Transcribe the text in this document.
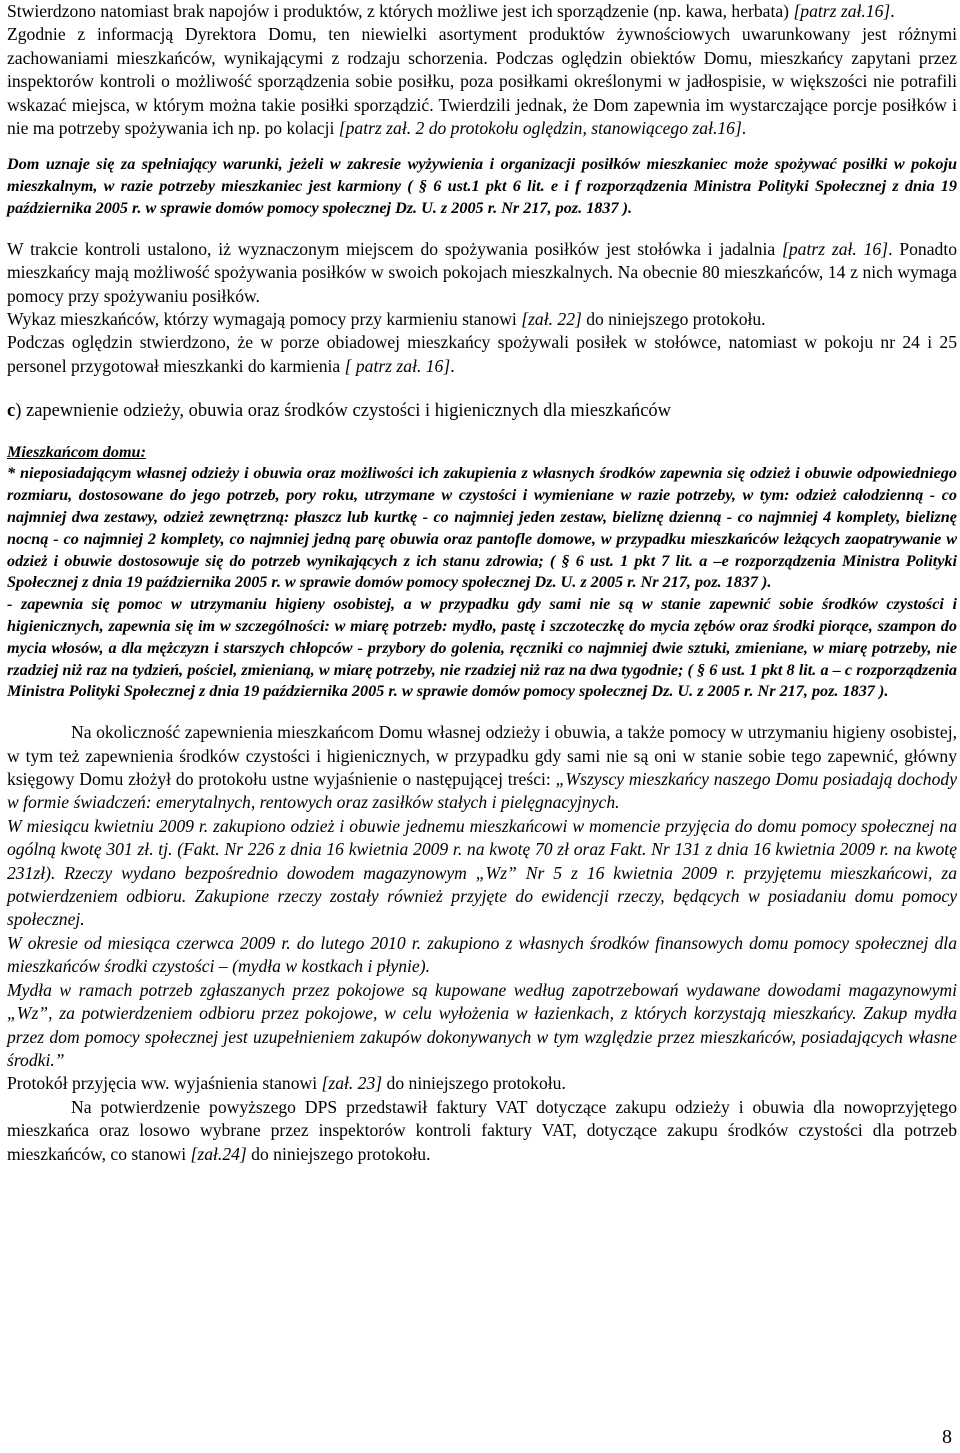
Stwierdzono natomiast brak napojów i produktów, z których możliwe jest ich sporządzenie (np. kawa, herbata) [patrz zał.16].

Zgodnie z informacją Dyrektora Domu, ten niewielki asortyment produktów żywnościowych uwarunkowany jest różnymi zachowaniami mieszkańców, wynikającymi z rodzaju schorzenia. Podczas oględzin obiektów Domu, mieszkańcy zapytani przez inspektorów kontroli o możliwość sporządzenia sobie posiłku, poza posiłkami określonymi w jadłospisie, w większości nie potrafili wskazać miejsca, w którym można takie posiłki sporządzić. Twierdzili jednak, że Dom zapewnia im wystarczające porcje posiłków i nie ma potrzeby spożywania ich np. po kolacji [patrz zał. 2 do protokołu oględzin, stanowiącego zał.16].

Dom uznaje się za spełniający warunki, jeżeli w zakresie wyżywienia i organizacji posiłków mieszkaniec może spożywać posiłki w pokoju mieszkalnym, w razie potrzeby mieszkaniec jest karmiony ( § 6 ust.1 pkt 6 lit. e i f rozporządzenia Ministra Polityki Społecznej z dnia 19 października 2005 r. w sprawie domów pomocy społecznej Dz. U. z 2005 r. Nr 217, poz. 1837 ).

W trakcie kontroli ustalono, iż wyznaczonym miejscem do spożywania posiłków jest stołówka i jadalnia [patrz zał. 16]. Ponadto mieszkańcy mają możliwość spożywania posiłków w swoich pokojach mieszkalnych. Na obecnie 80 mieszkańców, 14 z nich wymaga pomocy przy spożywaniu posiłków.

Wykaz mieszkańców, którzy wymagają pomocy przy karmieniu stanowi [zał. 22] do niniejszego protokołu.

Podczas oględzin stwierdzono, że w porze obiadowej mieszkańcy spożywali posiłek w stołówce, natomiast w pokoju nr 24 i 25 personel przygotował mieszkanki do karmienia [ patrz zał. 16].

c) zapewnienie odzieży, obuwia oraz środków czystości i higienicznych dla mieszkańców

Mieszkańcom domu:

* nieposiadającym własnej odzieży i obuwia oraz możliwości ich zakupienia z własnych środków zapewnia się odzież i obuwie odpowiedniego rozmiaru, dostosowane do jego potrzeb, pory roku, utrzymane w czystości i wymieniane w razie potrzeby, w tym: odzież całodzienną - co najmniej dwa zestawy, odzież zewnętrzną: płaszcz lub kurtkę - co najmniej jeden zestaw, bieliznę dzienną - co najmniej 4 komplety, bieliznę nocną - co najmniej 2 komplety, co najmniej jedną parę obuwia oraz pantofle domowe, w przypadku mieszkańców leżących zaopatrywanie w odzież i obuwie dostosowuje się do potrzeb wynikających z ich stanu zdrowia; ( § 6 ust. 1 pkt 7 lit. a –e rozporządzenia Ministra Polityki Społecznej z dnia 19 października 2005 r. w sprawie domów pomocy społecznej Dz. U. z 2005 r. Nr 217, poz. 1837 ).

- zapewnia się pomoc w utrzymaniu higieny osobistej, a w przypadku gdy sami nie są w stanie zapewnić sobie środków czystości i higienicznych, zapewnia się im w szczególności: w miarę potrzeb: mydło, pastę i szczoteczkę do mycia zębów oraz środki piorące, szampon do mycia włosów, a dla mężczyzn i starszych chłopców - przybory do golenia, ręczniki co najmniej dwie sztuki, zmieniane, w miarę potrzeby, nie rzadziej niż raz na tydzień, pościel, zmienianą, w miarę potrzeby, nie rzadziej niż raz na dwa tygodnie; ( § 6 ust. 1 pkt 8 lit. a – c rozporządzenia Ministra Polityki Społecznej z dnia 19 października 2005 r. w sprawie domów pomocy społecznej Dz. U. z 2005 r. Nr 217, poz. 1837 ).

Na okoliczność zapewnienia mieszkańcom Domu własnej odzieży i obuwia, a także pomocy w utrzymaniu higieny osobistej, w tym też zapewnienia środków czystości i higienicznych, w przypadku gdy sami nie są oni w stanie sobie tego zapewnić, główny księgowy Domu złożył do protokołu ustne wyjaśnienie o następującej treści: „Wszyscy mieszkańcy naszego Domu posiadają dochody w formie świadczeń: emerytalnych, rentowych oraz zasiłków stałych i pielęgnacyjnych.

W miesiącu kwietniu 2009 r. zakupiono odzież i obuwie jednemu mieszkańcowi w momencie przyjęcia do domu pomocy społecznej na ogólną kwotę 301 zł. tj. (Fakt. Nr 226 z dnia 16 kwietnia 2009 r. na kwotę 70 zł oraz Fakt. Nr 131 z dnia 16 kwietnia 2009 r. na kwotę 231zł). Rzeczy wydano bezpośrednio dowodem magazynowym „Wz” Nr 5 z 16 kwietnia 2009 r. przyjętemu mieszkańcowi, za potwierdzeniem odbioru. Zakupione rzeczy zostały również przyjęte do ewidencji rzeczy, będących w posiadaniu domu pomocy społecznej.

W okresie od miesiąca czerwca 2009 r. do lutego 2010 r. zakupiono z własnych środków finansowych domu pomocy społecznej dla mieszkańców środki czystości – (mydła w kostkach i płynie).

Mydła w ramach potrzeb zgłaszanych przez pokojowe są kupowane według zapotrzebowań wydawane dowodami magazynowymi „Wz”, za potwierdzeniem odbioru przez pokojowe, w celu wyłożenia w łazienkach, z których korzystają mieszkańcy. Zakup mydła przez dom pomocy społecznej jest uzupełnieniem zakupów dokonywanych w tym względzie przez mieszkańców, posiadających własne środki.”

Protokół przyjęcia ww. wyjaśnienia stanowi [zał. 23] do niniejszego protokołu.

Na potwierdzenie powyższego DPS przedstawił faktury VAT dotyczące zakupu odzieży i obuwia dla nowoprzyjętego mieszkańca oraz losowo wybrane przez inspektorów kontroli faktury VAT, dotyczące zakupu środków czystości dla potrzeb mieszkańców, co stanowi [zał.24] do niniejszego protokołu.

8
